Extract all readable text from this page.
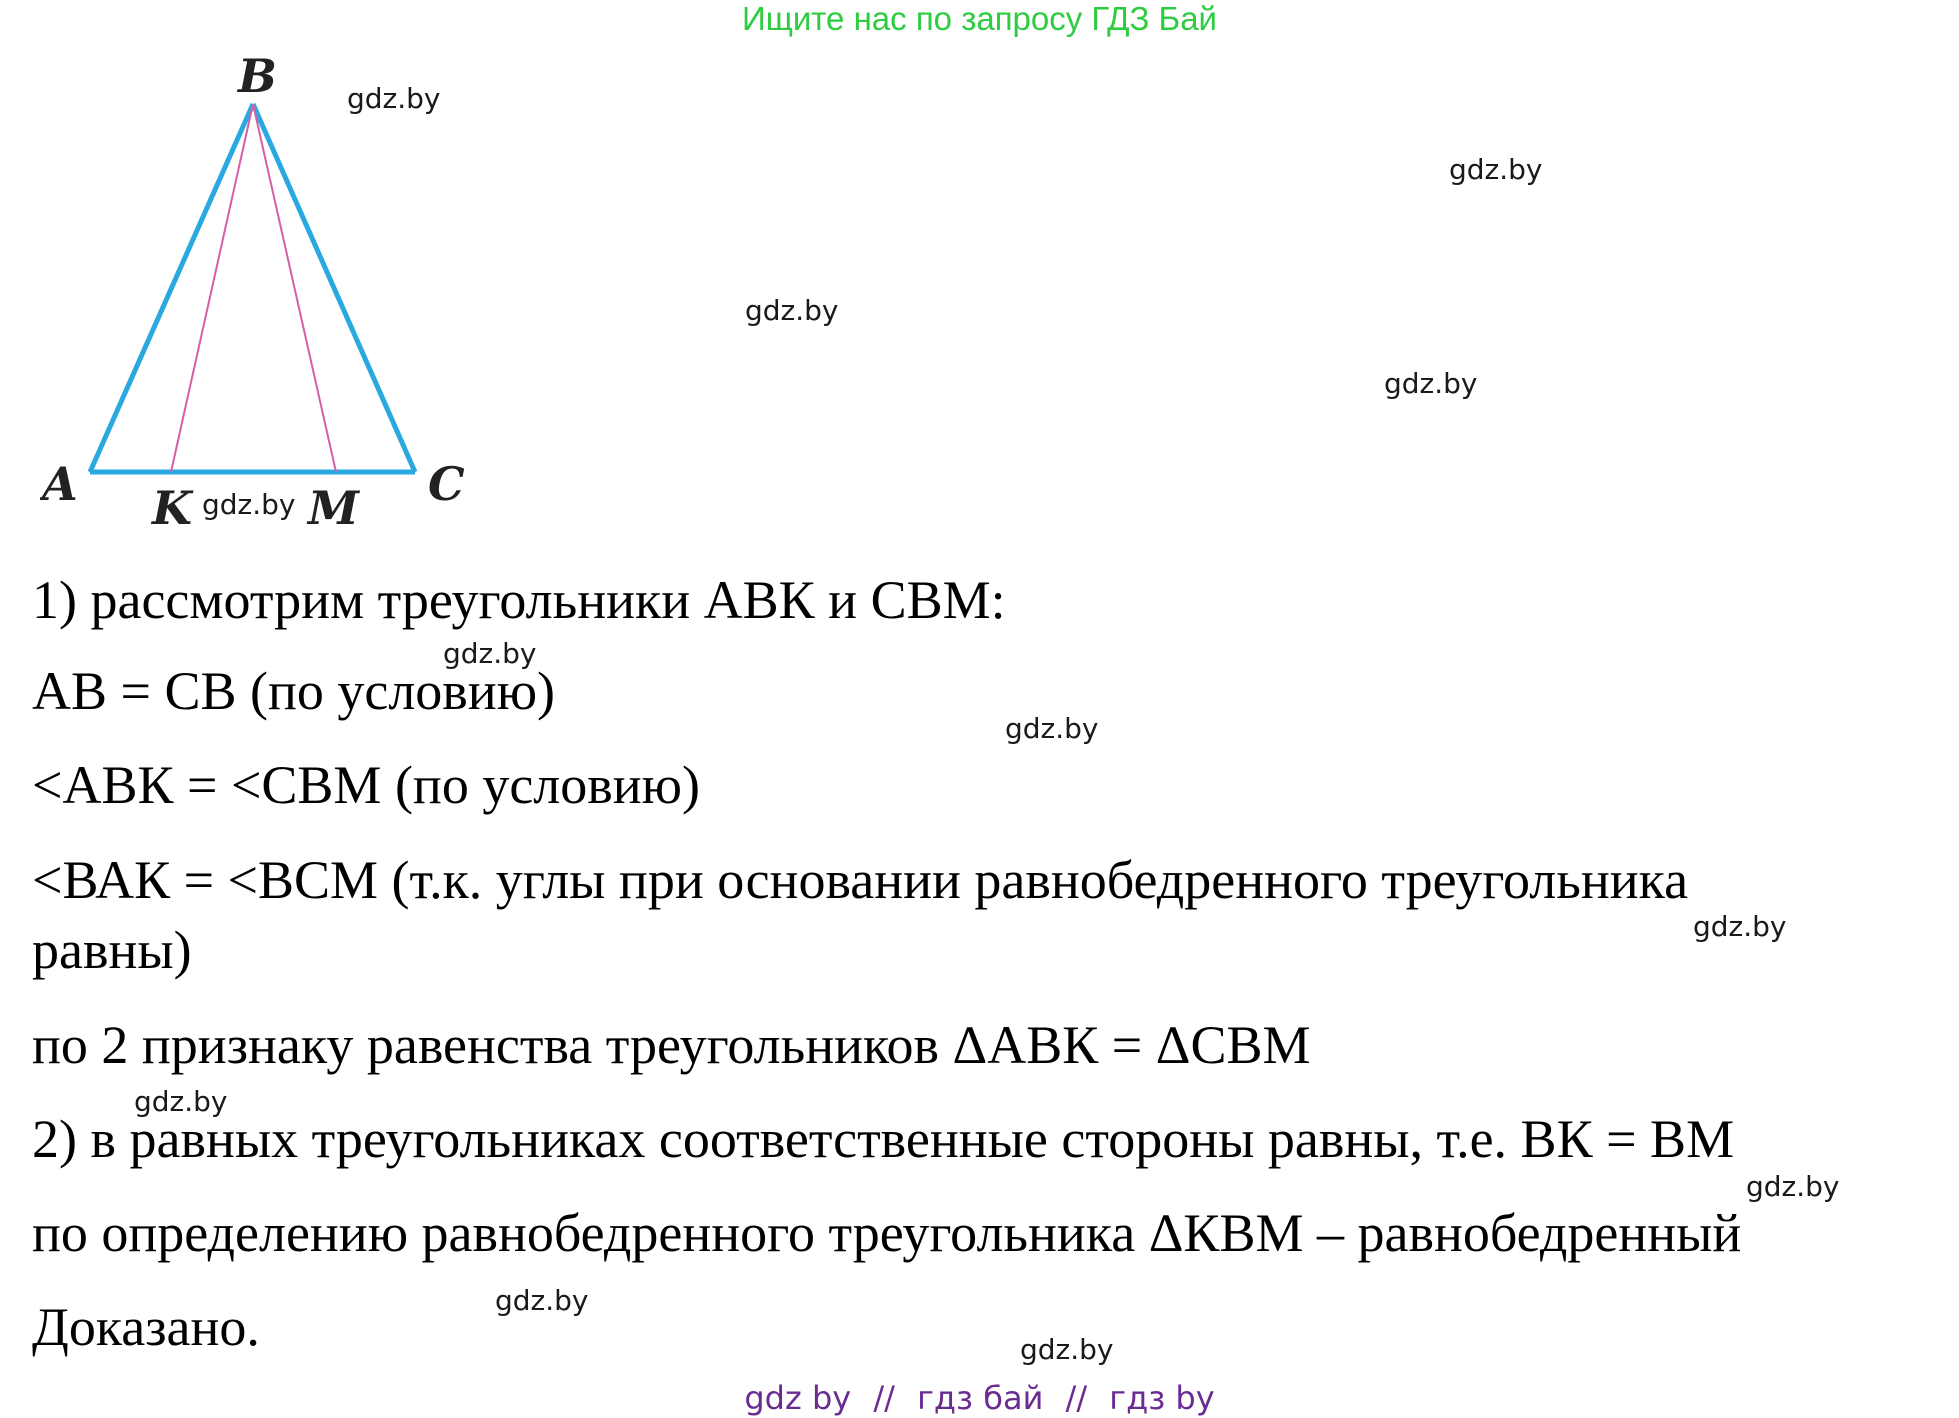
Ищите нас по запросу ГДЗ Бай
B
A	C
K	M
gdz.by
gdz.by
gdz.by
gdz.by
gdz.by
gdz.by
gdz.by
gdz.by
gdz.by
gdz.by
gdz.by
gdz.by
1) рассмотрим треугольники АВК и СВМ:
АВ = СВ (по условию)
<АВК = <СВМ (по условию)
<ВАК = <ВСМ (т.к. углы при основании равнобедренного треугольника
равны)
по 2 признаку равенства треугольников ΔАВК = ΔСВМ
2) в равных треугольниках соответственные стороны равны, т.е. ВК = ВМ
по определению равнобедренного треугольника ΔКВМ – равнобедренный
Доказано.
gdz by // гдз бай // гдз by
